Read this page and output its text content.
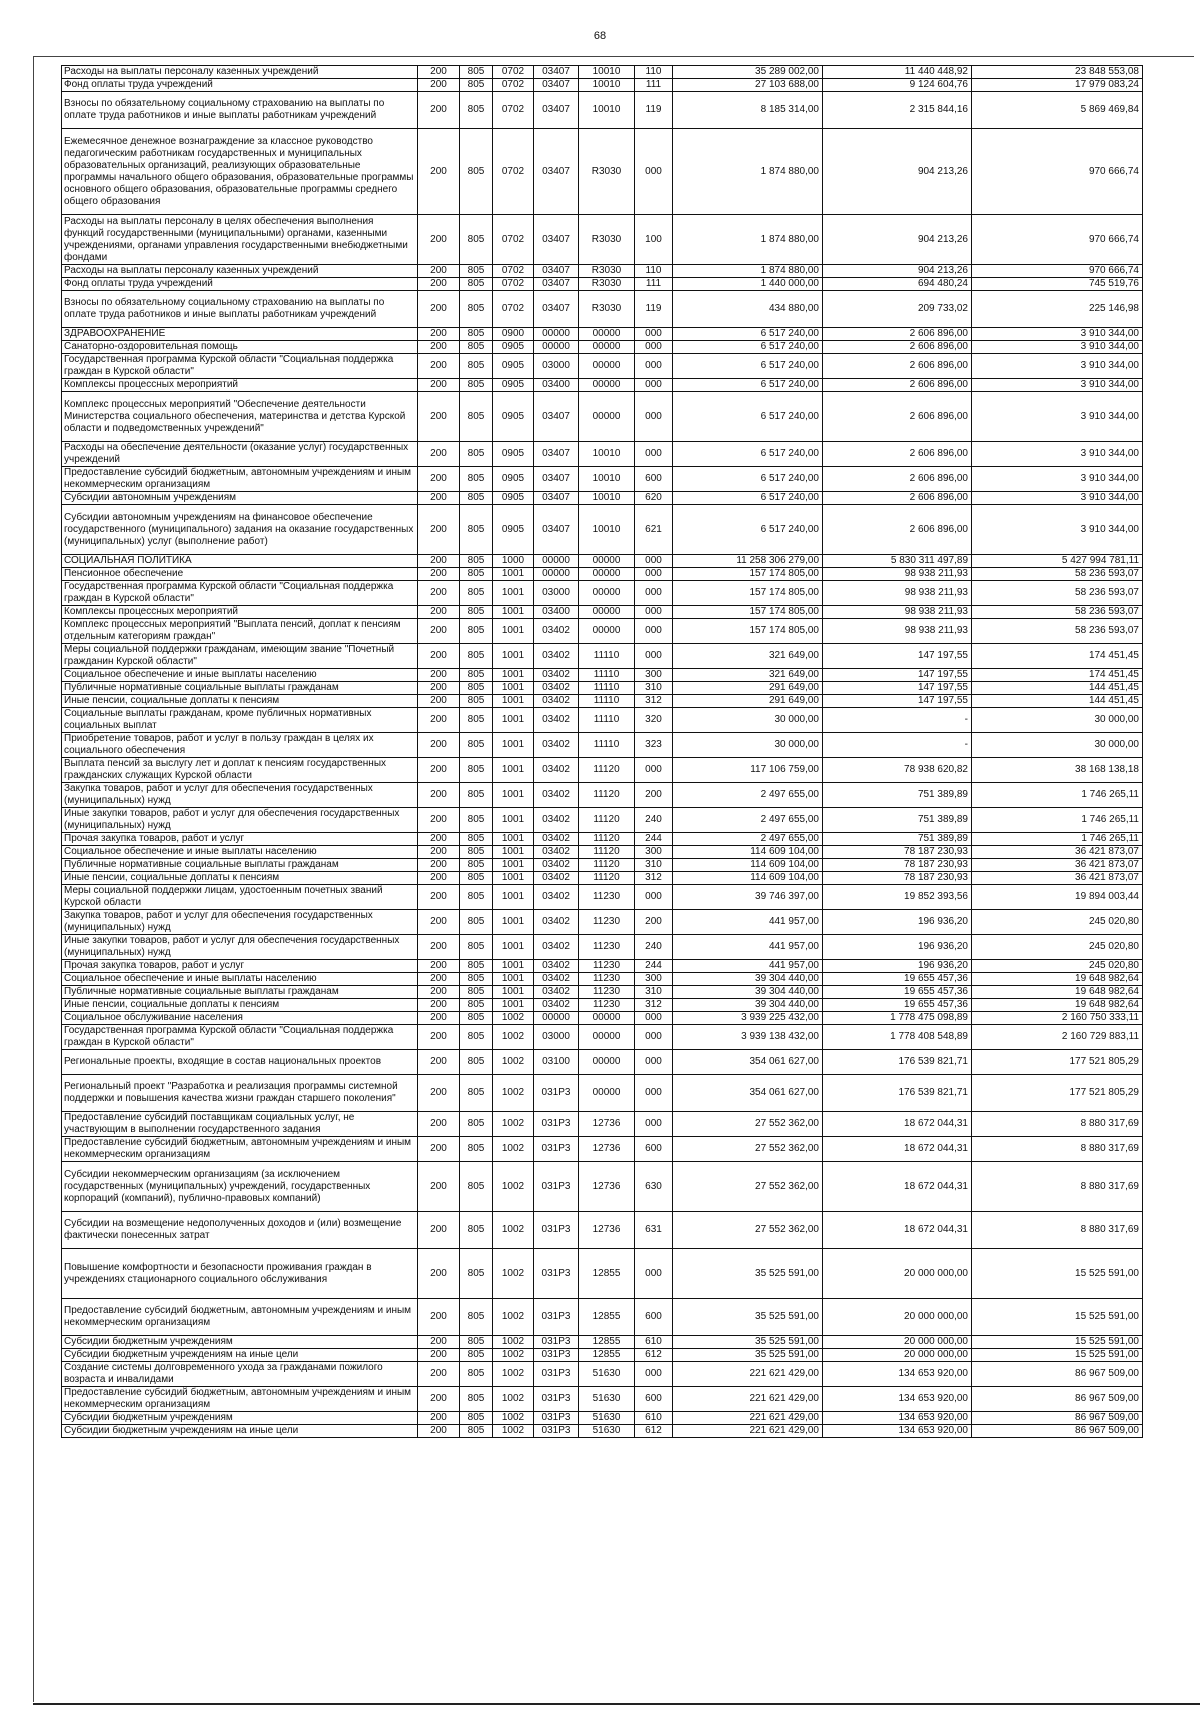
68
Расходы на выплаты персоналу казенных учреждений	200	805	0702	03407	10010	110	35 289 002,00	11 440 448,92	23 848 553,08
Фонд оплаты труда учреждений	200	805	0702	03407	10010	111	27 103 688,00	9 124 604,76	17 979 083,24
Взносы по обязательному социальному страхованию на выплаты по оплате труда работников и иные выплаты работникам учреждений	200	805	0702	03407	10010	119	8 185 314,00	2 315 844,16	5 869 469,84
Ежемесячное денежное вознаграждение за классное руководство педагогическим работникам государственных и муниципальных образовательных организаций, реализующих образовательные программы начального общего образования, образовательные программы основного общего образования, образовательные программы среднего общего образования	200	805	0702	03407	R3030	000	1 874 880,00	904 213,26	970 666,74
Расходы на выплаты персоналу в целях обеспечения выполнения функций государственными (муниципальными) органами, казенными учреждениями, органами управления государственными внебюджетными фондами	200	805	0702	03407	R3030	100	1 874 880,00	904 213,26	970 666,74
Расходы на выплаты персоналу казенных учреждений	200	805	0702	03407	R3030	110	1 874 880,00	904 213,26	970 666,74
Фонд оплаты труда учреждений	200	805	0702	03407	R3030	111	1 440 000,00	694 480,24	745 519,76
Взносы по обязательному социальному страхованию на выплаты по оплате труда работников и иные выплаты работникам учреждений	200	805	0702	03407	R3030	119	434 880,00	209 733,02	225 146,98
ЗДРАВООХРАНЕНИЕ	200	805	0900	00000	00000	000	6 517 240,00	2 606 896,00	3 910 344,00
Санаторно-оздоровительная помощь	200	805	0905	00000	00000	000	6 517 240,00	2 606 896,00	3 910 344,00
Государственная программа Курской области "Социальная поддержка граждан в Курской области"	200	805	0905	03000	00000	000	6 517 240,00	2 606 896,00	3 910 344,00
Комплексы процессных мероприятий	200	805	0905	03400	00000	000	6 517 240,00	2 606 896,00	3 910 344,00
Комплекс процессных мероприятий "Обеспечение деятельности Министерства социального обеспечения, материнства и детства Курской области и подведомственных учреждений"	200	805	0905	03407	00000	000	6 517 240,00	2 606 896,00	3 910 344,00
Расходы на обеспечение деятельности (оказание услуг) государственных учреждений	200	805	0905	03407	10010	000	6 517 240,00	2 606 896,00	3 910 344,00
Предоставление субсидий бюджетным, автономным учреждениям и иным некоммерческим организациям	200	805	0905	03407	10010	600	6 517 240,00	2 606 896,00	3 910 344,00
Субсидии автономным учреждениям	200	805	0905	03407	10010	620	6 517 240,00	2 606 896,00	3 910 344,00
Субсидии автономным учреждениям на финансовое обеспечение государственного (муниципального) задания на оказание государственных (муниципальных) услуг (выполнение работ)	200	805	0905	03407	10010	621	6 517 240,00	2 606 896,00	3 910 344,00
СОЦИАЛЬНАЯ ПОЛИТИКА	200	805	1000	00000	00000	000	11 258 306 279,00	5 830 311 497,89	5 427 994 781,11
Пенсионное обеспечение	200	805	1001	00000	00000	000	157 174 805,00	98 938 211,93	58 236 593,07
Государственная программа Курской области "Социальная поддержка граждан в Курской области"	200	805	1001	03000	00000	000	157 174 805,00	98 938 211,93	58 236 593,07
Комплексы процессных мероприятий	200	805	1001	03400	00000	000	157 174 805,00	98 938 211,93	58 236 593,07
Комплекс процессных мероприятий "Выплата пенсий, доплат к пенсиям отдельным категориям граждан"	200	805	1001	03402	00000	000	157 174 805,00	98 938 211,93	58 236 593,07
Меры социальной поддержки гражданам, имеющим звание "Почетный гражданин Курской области"	200	805	1001	03402	11110	000	321 649,00	147 197,55	174 451,45
Социальное обеспечение и иные выплаты населению	200	805	1001	03402	11110	300	321 649,00	147 197,55	174 451,45
Публичные нормативные социальные выплаты гражданам	200	805	1001	03402	11110	310	291 649,00	147 197,55	144 451,45
Иные пенсии, социальные доплаты к пенсиям	200	805	1001	03402	11110	312	291 649,00	147 197,55	144 451,45
Социальные выплаты гражданам, кроме публичных нормативных социальных выплат	200	805	1001	03402	11110	320	30 000,00	-	30 000,00
Приобретение товаров, работ и услуг в пользу граждан в целях их социального обеспечения	200	805	1001	03402	11110	323	30 000,00	-	30 000,00
Выплата пенсий за выслугу лет и доплат к пенсиям государственных гражданских служащих Курской области	200	805	1001	03402	11120	000	117 106 759,00	78 938 620,82	38 168 138,18
Закупка товаров, работ и услуг для обеспечения государственных (муниципальных) нужд	200	805	1001	03402	11120	200	2 497 655,00	751 389,89	1 746 265,11
Иные закупки товаров, работ и услуг для обеспечения государственных (муниципальных) нужд	200	805	1001	03402	11120	240	2 497 655,00	751 389,89	1 746 265,11
Прочая закупка товаров, работ и услуг	200	805	1001	03402	11120	244	2 497 655,00	751 389,89	1 746 265,11
Социальное обеспечение и иные выплаты населению	200	805	1001	03402	11120	300	114 609 104,00	78 187 230,93	36 421 873,07
Публичные нормативные социальные выплаты гражданам	200	805	1001	03402	11120	310	114 609 104,00	78 187 230,93	36 421 873,07
Иные пенсии, социальные доплаты к пенсиям	200	805	1001	03402	11120	312	114 609 104,00	78 187 230,93	36 421 873,07
Меры социальной поддержки лицам, удостоенным почетных званий Курской области	200	805	1001	03402	11230	000	39 746 397,00	19 852 393,56	19 894 003,44
Закупка товаров, работ и услуг для обеспечения государственных (муниципальных) нужд	200	805	1001	03402	11230	200	441 957,00	196 936,20	245 020,80
Иные закупки товаров, работ и услуг для обеспечения государственных (муниципальных) нужд	200	805	1001	03402	11230	240	441 957,00	196 936,20	245 020,80
Прочая закупка товаров, работ и услуг	200	805	1001	03402	11230	244	441 957,00	196 936,20	245 020,80
Социальное обеспечение и иные выплаты населению	200	805	1001	03402	11230	300	39 304 440,00	19 655 457,36	19 648 982,64
Публичные нормативные социальные выплаты гражданам	200	805	1001	03402	11230	310	39 304 440,00	19 655 457,36	19 648 982,64
Иные пенсии, социальные доплаты к пенсиям	200	805	1001	03402	11230	312	39 304 440,00	19 655 457,36	19 648 982,64
Социальное обслуживание населения	200	805	1002	00000	00000	000	3 939 225 432,00	1 778 475 098,89	2 160 750 333,11
Государственная программа Курской области "Социальная поддержка граждан в Курской области"	200	805	1002	03000	00000	000	3 939 138 432,00	1 778 408 548,89	2 160 729 883,11
Региональные проекты, входящие в состав национальных проектов	200	805	1002	03100	00000	000	354 061 627,00	176 539 821,71	177 521 805,29
Региональный проект "Разработка и реализация программы системной поддержки и повышения качества жизни граждан старшего поколения"	200	805	1002	031P3	00000	000	354 061 627,00	176 539 821,71	177 521 805,29
Предоставление субсидий поставщикам социальных услуг, не участвующим в выполнении государственного задания	200	805	1002	031P3	12736	000	27 552 362,00	18 672 044,31	8 880 317,69
Предоставление субсидий бюджетным, автономным учреждениям и иным некоммерческим организациям	200	805	1002	031P3	12736	600	27 552 362,00	18 672 044,31	8 880 317,69
Субсидии некоммерческим организациям (за исключением государственных (муниципальных) учреждений, государственных корпораций (компаний), публично-правовых компаний)	200	805	1002	031P3	12736	630	27 552 362,00	18 672 044,31	8 880 317,69
Субсидии на возмещение недополученных доходов и (или) возмещение фактически понесенных затрат	200	805	1002	031P3	12736	631	27 552 362,00	18 672 044,31	8 880 317,69
Повышение комфортности и безопасности проживания граждан в учреждениях стационарного социального обслуживания	200	805	1002	031P3	12855	000	35 525 591,00	20 000 000,00	15 525 591,00
Предоставление субсидий бюджетным, автономным учреждениям и иным некоммерческим организациям	200	805	1002	031P3	12855	600	35 525 591,00	20 000 000,00	15 525 591,00
Субсидии бюджетным учреждениям	200	805	1002	031P3	12855	610	35 525 591,00	20 000 000,00	15 525 591,00
Субсидии бюджетным учреждениям на иные цели	200	805	1002	031P3	12855	612	35 525 591,00	20 000 000,00	15 525 591,00
Создание системы долговременного ухода за гражданами пожилого возраста и инвалидами	200	805	1002	031P3	51630	000	221 621 429,00	134 653 920,00	86 967 509,00
Предоставление субсидий бюджетным, автономным учреждениям и иным некоммерческим организациям	200	805	1002	031P3	51630	600	221 621 429,00	134 653 920,00	86 967 509,00
Субсидии бюджетным учреждениям	200	805	1002	031P3	51630	610	221 621 429,00	134 653 920,00	86 967 509,00
Субсидии бюджетным учреждениям на иные цели	200	805	1002	031P3	51630	612	221 621 429,00	134 653 920,00	86 967 509,00
